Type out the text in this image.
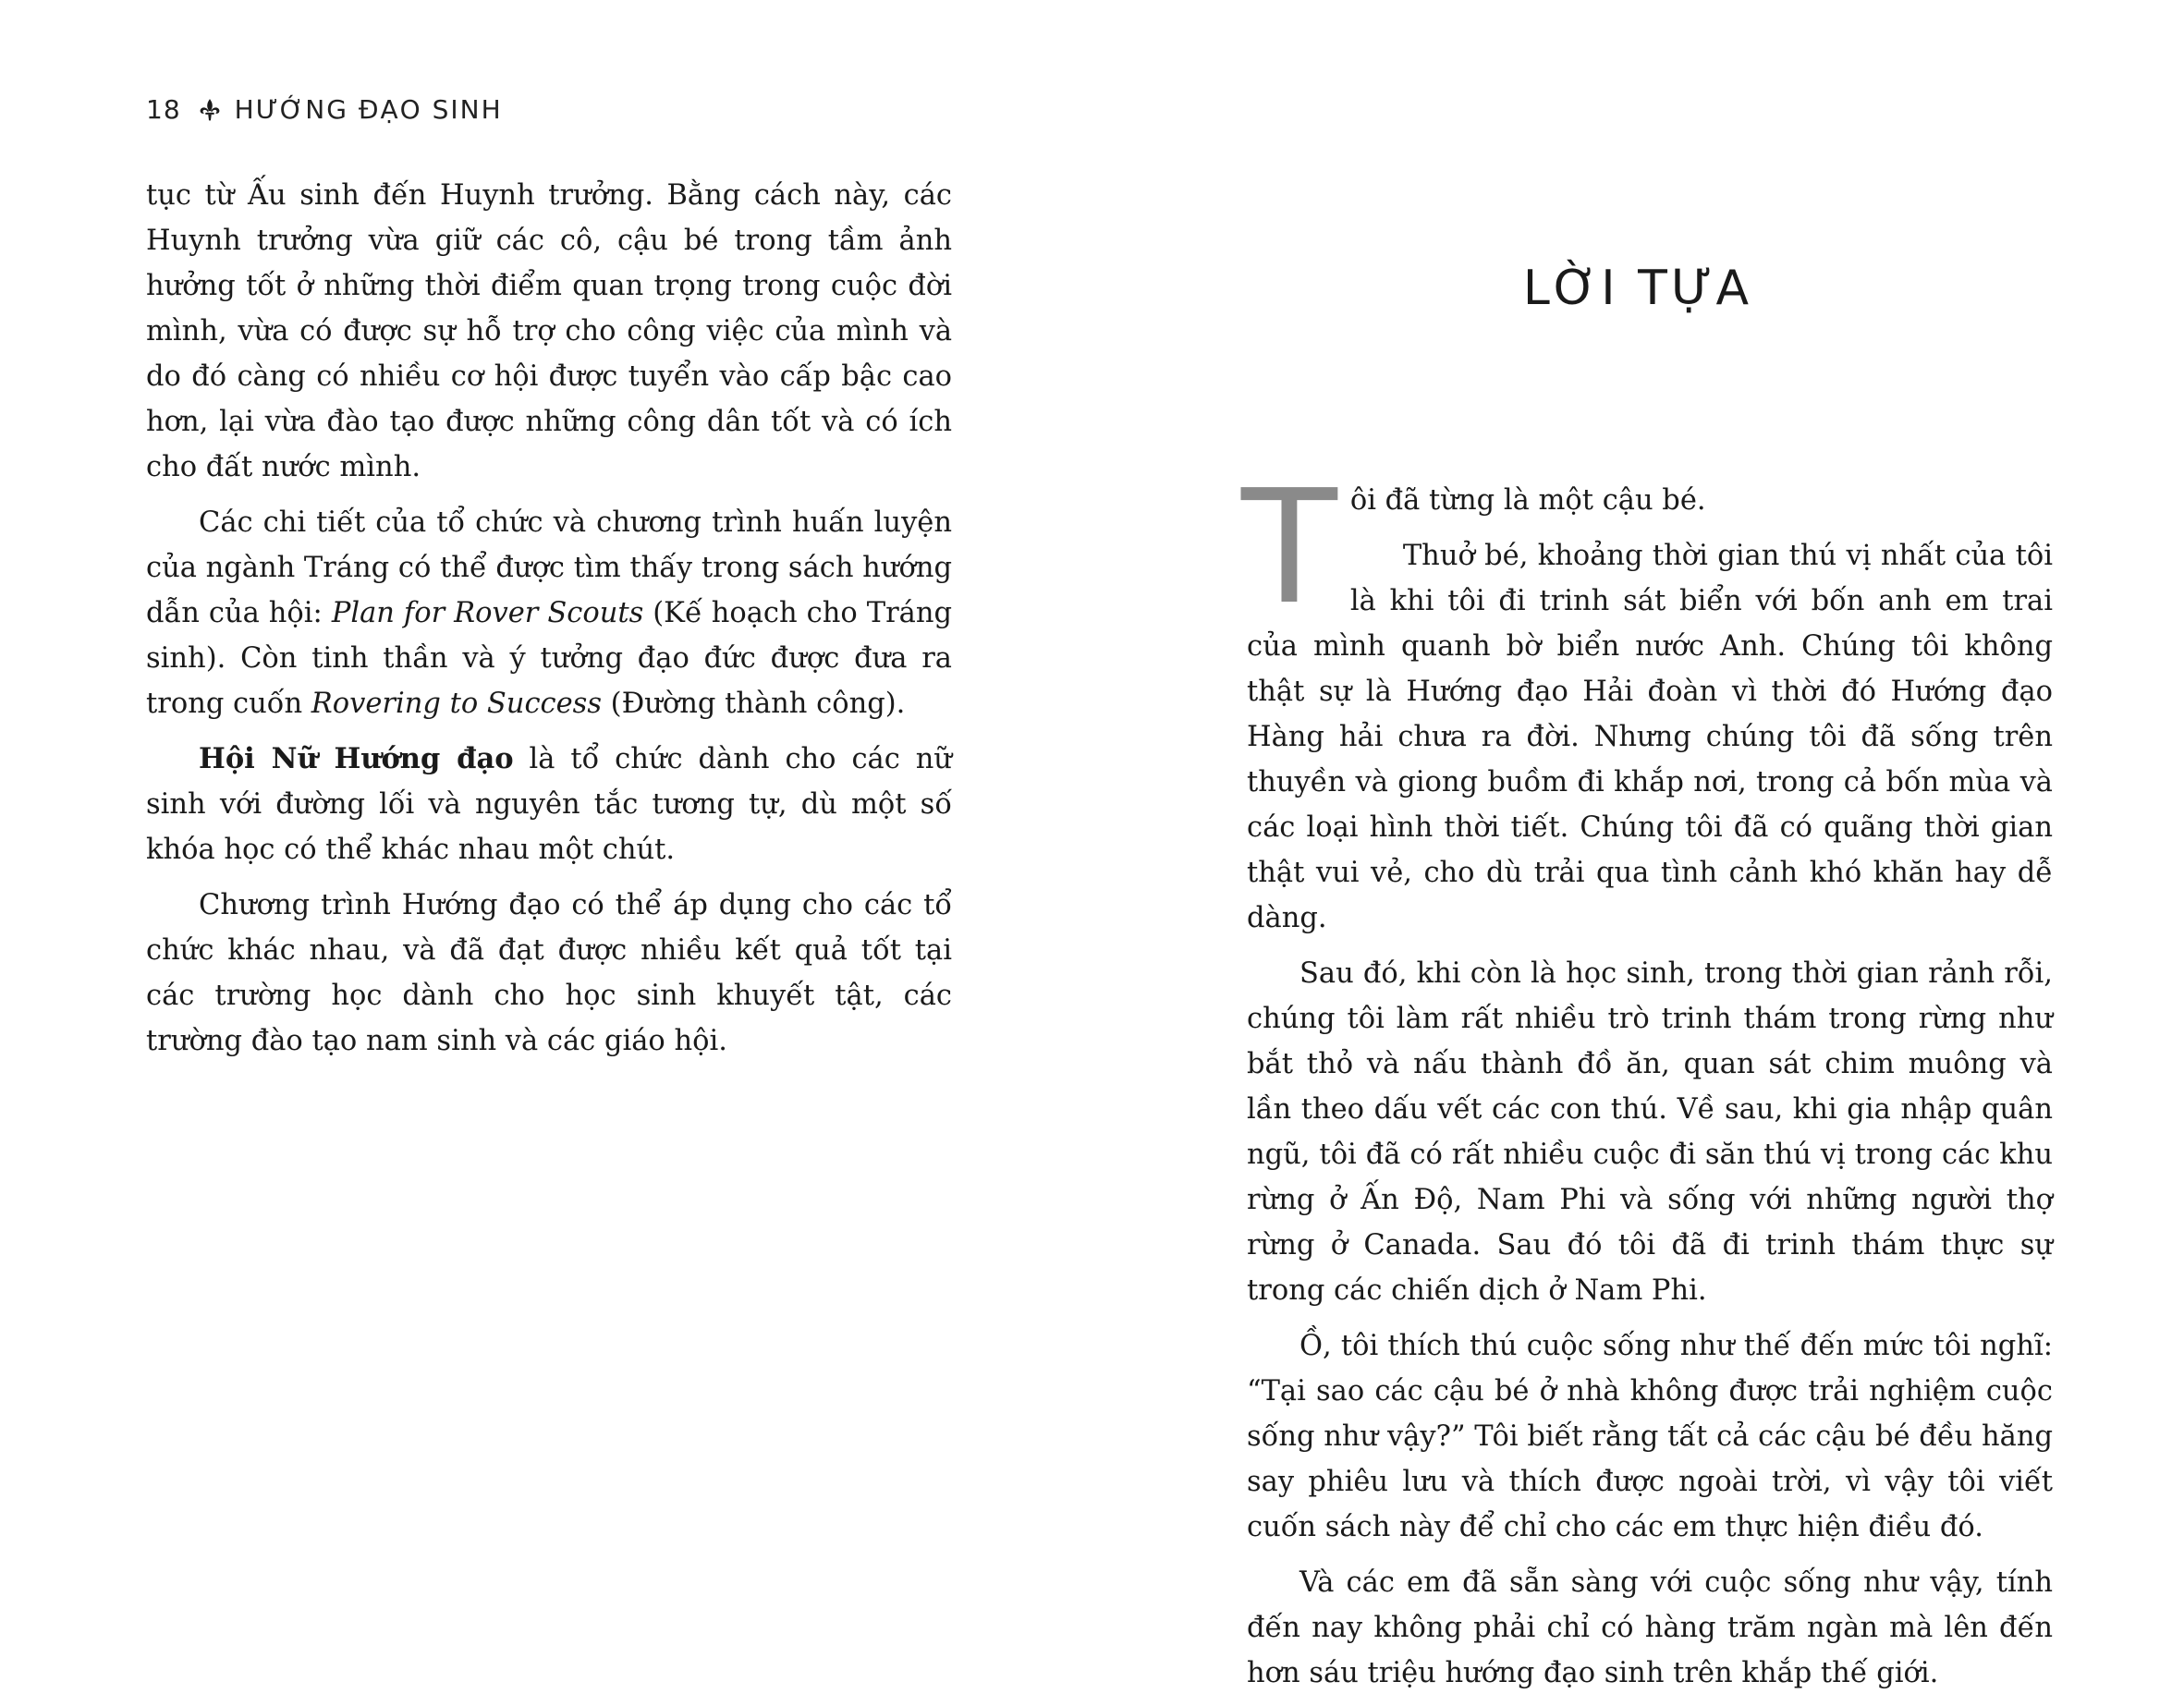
18 HƯỚNG ĐẠO SINH

tục từ Ấu sinh đến Huynh trưởng. Bằng cách này, các Huynh trưởng vừa giữ các cô, cậu bé trong tầm ảnh hưởng tốt ở những thời điểm quan trọng trong cuộc đời mình, vừa có được sự hỗ trợ cho công việc của mình và do đó càng có nhiều cơ hội được tuyển vào cấp bậc cao hơn, lại vừa đào tạo được những công dân tốt và có ích cho đất nước mình.

Các chi tiết của tổ chức và chương trình huấn luyện của ngành Tráng có thể được tìm thấy trong sách hướng dẫn của hội: Plan for Rover Scouts (Kế hoạch cho Tráng sinh). Còn tinh thần và ý tưởng đạo đức được đưa ra trong cuốn Rovering to Success (Đường thành công).

Hội Nữ Hướng đạo là tổ chức dành cho các nữ sinh với đường lối và nguyên tắc tương tự, dù một số khóa học có thể khác nhau một chút.

Chương trình Hướng đạo có thể áp dụng cho các tổ chức khác nhau, và đã đạt được nhiều kết quả tốt tại các trường học dành cho học sinh khuyết tật, các trường đào tạo nam sinh và các giáo hội.

LỜI TỰA

Tôi đã từng là một cậu bé.

Thuở bé, khoảng thời gian thú vị nhất của tôi là khi tôi đi trinh sát biển với bốn anh em trai của mình quanh bờ biển nước Anh. Chúng tôi không thật sự là Hướng đạo Hải đoàn vì thời đó Hướng đạo Hàng hải chưa ra đời. Nhưng chúng tôi đã sống trên thuyền và giong buồm đi khắp nơi, trong cả bốn mùa và các loại hình thời tiết. Chúng tôi đã có quãng thời gian thật vui vẻ, cho dù trải qua tình cảnh khó khăn hay dễ dàng.

Sau đó, khi còn là học sinh, trong thời gian rảnh rỗi, chúng tôi làm rất nhiều trò trinh thám trong rừng như bắt thỏ và nấu thành đồ ăn, quan sát chim muông và lần theo dấu vết các con thú. Về sau, khi gia nhập quân ngũ, tôi đã có rất nhiều cuộc đi săn thú vị trong các khu rừng ở Ấn Độ, Nam Phi và sống với những người thợ rừng ở Canada. Sau đó tôi đã đi trinh thám thực sự trong các chiến dịch ở Nam Phi.

Ồ, tôi thích thú cuộc sống như thế đến mức tôi nghĩ: “Tại sao các cậu bé ở nhà không được trải nghiệm cuộc sống như vậy?” Tôi biết rằng tất cả các cậu bé đều hăng say phiêu lưu và thích được ngoài trời, vì vậy tôi viết cuốn sách này để chỉ cho các em thực hiện điều đó.

Và các em đã sẵn sàng với cuộc sống như vậy, tính đến nay không phải chỉ có hàng trăm ngàn mà lên đến hơn sáu triệu hướng đạo sinh trên khắp thế giới.
